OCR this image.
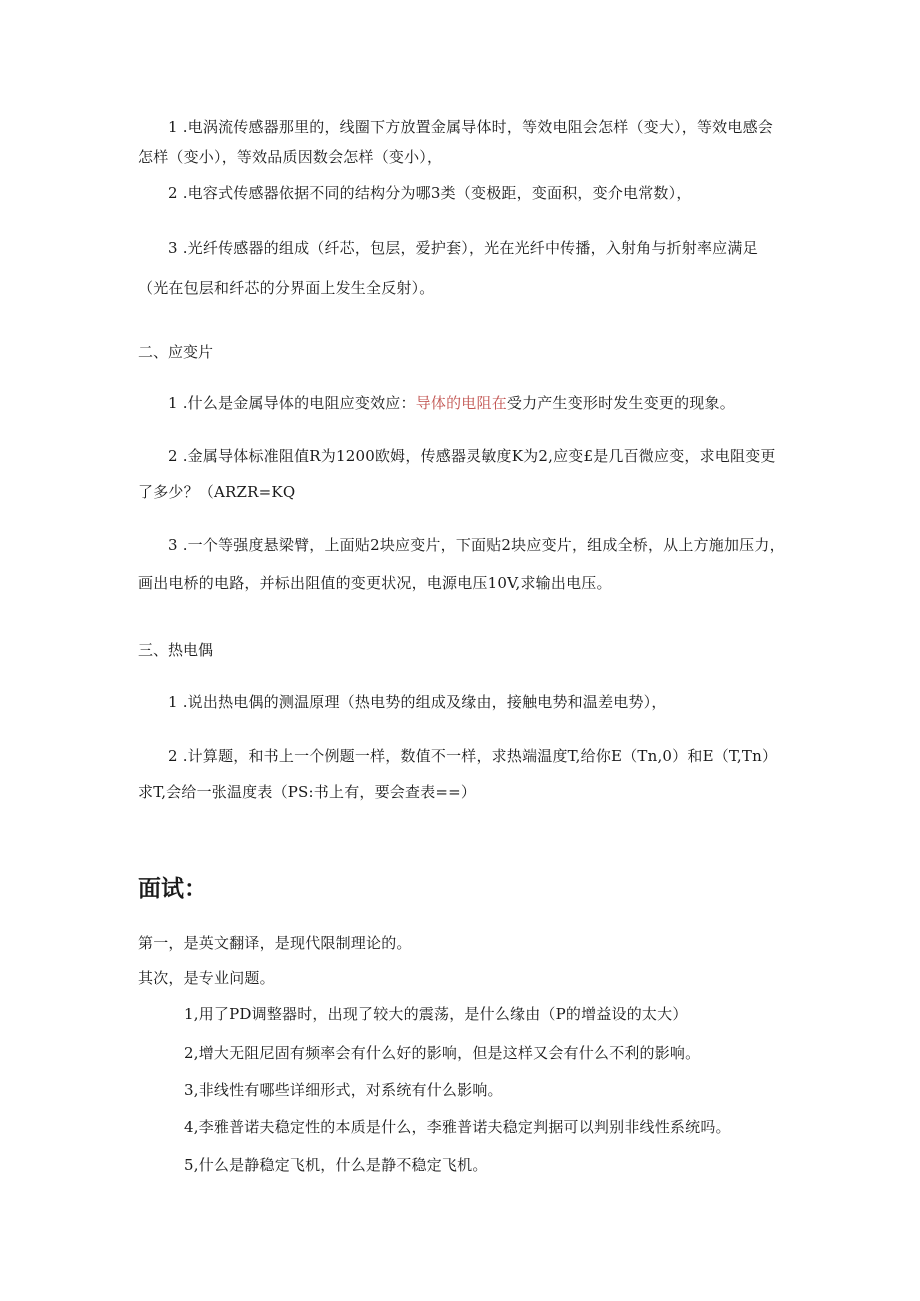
1 .电涡流传感器那里的，线圈下方放置金属导体时，等效电阻会怎样（变大），等效电感会怎样（变小），等效品质因数会怎样（变小），

2 .电容式传感器依据不同的结构分为哪3类（变极距，变面积，变介电常数），

3 .光纤传感器的组成（纤芯，包层，爱护套），光在光纤中传播，入射角与折射率应满足（光在包层和纤芯的分界面上发生全反射）。

二、应变片

1 .什么是金属导体的电阻应变效应：导体的电阻在受力产生变形时发生变更的现象。

2 .金属导体标准阻值R为1200欧姆，传感器灵敏度K为2,应变£是几百微应变，求电阻变更了多少？（ARZR=KQ

3 .一个等强度悬梁臂，上面贴2块应变片，下面贴2块应变片，组成全桥，从上方施加压力，画出电桥的电路，并标出阻值的变更状况，电源电压10V,求输出电压。

三、热电偶

1 .说出热电偶的测温原理（热电势的组成及缘由，接触电势和温差电势），

2 .计算题，和书上一个例题一样，数值不一样，求热端温度T,给你E（Tn,0）和E（T,Tn）求T,会给一张温度表（PS:书上有，要会查表==）

面试：

第一，是英文翻译，是现代限制理论的。

其次，是专业问题。

1,用了PD调整器时，出现了较大的震荡，是什么缘由（P的增益设的太大）

2,增大无阻尼固有频率会有什么好的影响，但是这样又会有什么不利的影响。

3,非线性有哪些详细形式，对系统有什么影响。

4,李雅普诺夫稳定性的本质是什么，李雅普诺夫稳定判据可以判别非线性系统吗。

5,什么是静稳定飞机，什么是静不稳定飞机。
